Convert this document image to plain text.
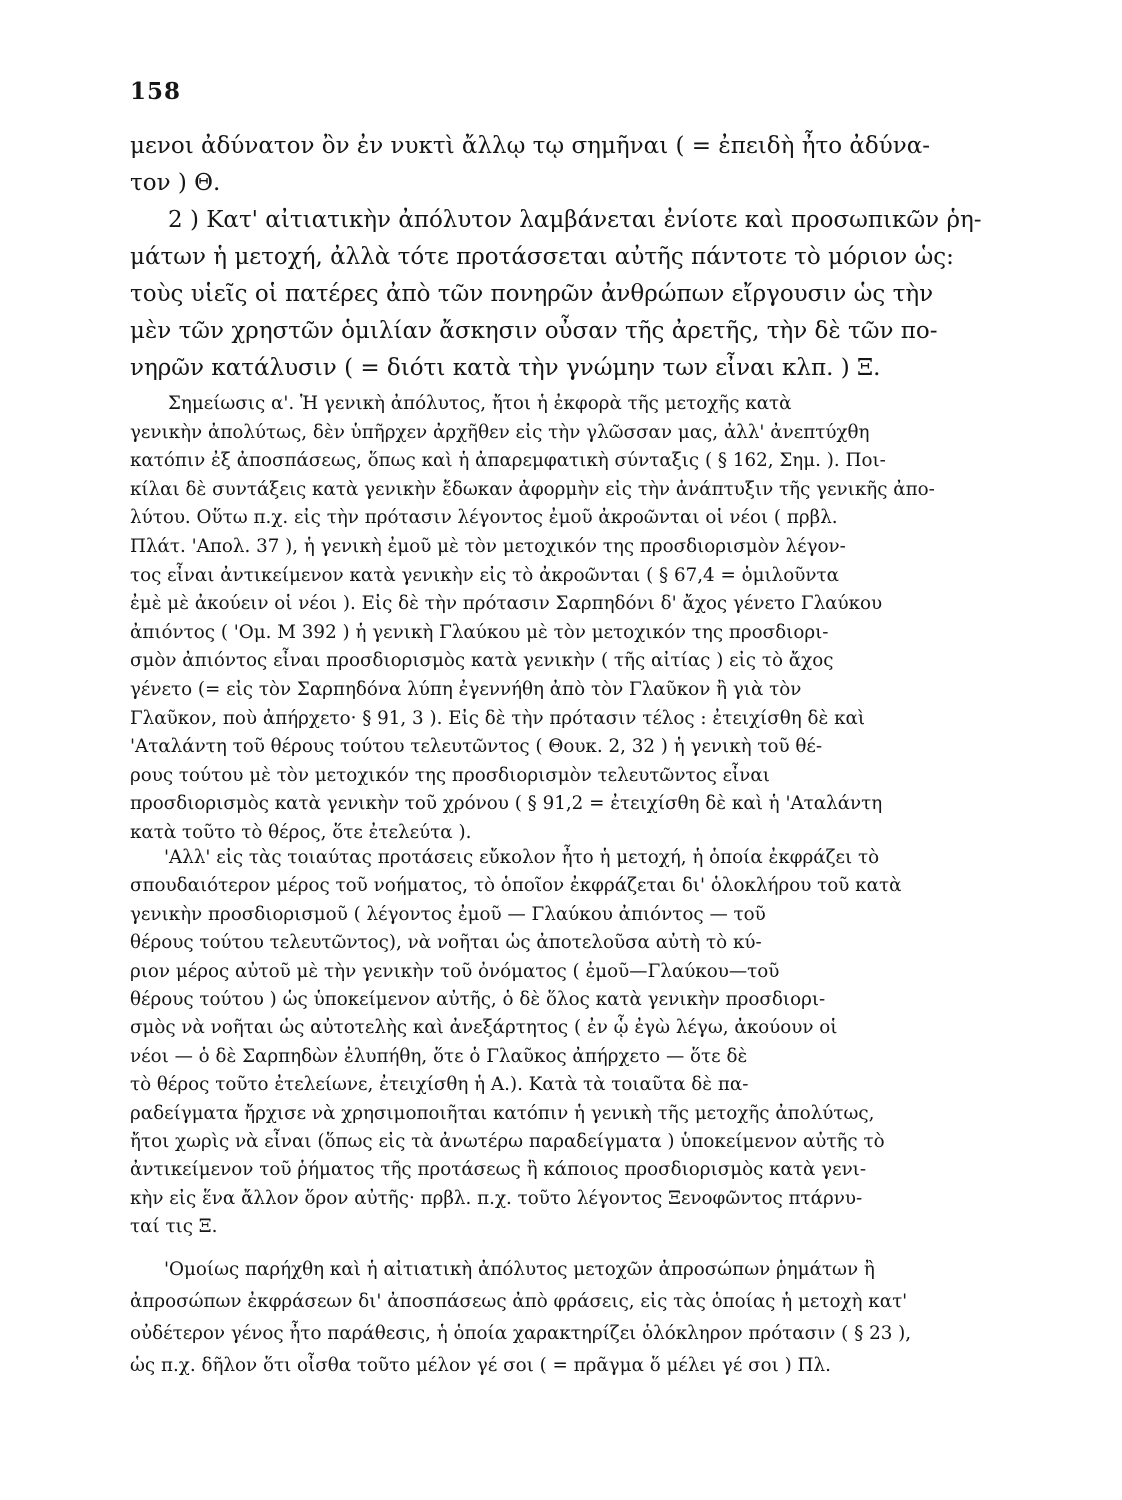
158
μενοι ἀδύνατον ὂν ἐν νυκτὶ ἄλλῳ τῳ σημῆναι ( = ἐπειδὴ ἦτο ἀδύνα-
τον ) Θ.
2 ) Κατ' αἰτιατικὴν ἀπόλυτον λαμβάνεται ἐνίοτε καὶ προσωπικῶν ῥη-
μάτων ἡ μετοχή, ἀλλὰ τότε προτάσσεται αὐτῆς πάντοτε τὸ μόριον ὡς:
τοὺς υἱεῖς οἱ πατέρες ἀπὸ τῶν πονηρῶν ἀνθρώπων εἴργουσιν ὡς τὴν
μὲν τῶν χρηστῶν ὁμιλίαν ἄσκησιν οὖσαν τῆς ἀρετῆς, τὴν δὲ τῶν πο-
νηρῶν κατάλυσιν ( = διότι κατὰ τὴν γνώμην των εἶναι κλπ. ) Ξ.
Σημείωσις α'. Ἡ γενικὴ ἀπόλυτος, ἤτοι ἡ ἐκφορὰ τῆς μετοχῆς κατὰ
γενικὴν ἀπολύτως, δὲν ὑπῆρχεν ἀρχῆθεν εἰς τὴν γλῶσσαν μας, ἀλλ' ἀνεπτύχθη
κατόπιν ἐξ ἀποσπάσεως, ὅπως καὶ ἡ ἀπαρεμφατικὴ σύνταξις ( § 162, Σημ. ). Ποι-
κίλαι δὲ συντάξεις κατὰ γενικὴν ἔδωκαν ἀφορμὴν εἰς τὴν ἀνάπτυξιν τῆς γενικῆς ἀπο-
λύτου. Οὕτω π.χ. εἰς τὴν πρότασιν λέγοντος ἐμοῦ ἀκροῶνται οἱ νέοι ( πρβλ.
Πλάτ. 'Απολ. 37 ), ἡ γενικὴ ἐμοῦ μὲ τὸν μετοχικόν της προσδιορισμὸν λέγον-
τος εἶναι ἀντικείμενον κατὰ γενικὴν εἰς τὸ ἀκροῶνται ( § 67,4 = ὁμιλοῦντα
ἐμὲ μὲ ἀκούειν οἱ νέοι ). Εἰς δὲ τὴν πρότασιν Σαρπηδόνι δ' ἄχος γένετο Γλαύκου
ἀπιόντος ( 'Ομ. Μ 392 ) ἡ γενικὴ Γλαύκου μὲ τὸν μετοχικόν της προσδιορι-
σμὸν ἀπιόντος εἶναι προσδιορισμὸς κατὰ γενικὴν ( τῆς αἰτίας ) εἰς τὸ ἄχος
γένετο (= εἰς τὸν Σαρπηδόνα λύπη ἐγεννήθη ἀπὸ τὸν Γλαῦκον ἢ γιὰ τὸν
Γλαῦκον, ποὺ ἀπήρχετο· § 91, 3 ). Εἰς δὲ τὴν πρότασιν τέλος : ἐτειχίσθη δὲ καὶ
'Αταλάντη τοῦ θέρους τούτου τελευτῶντος ( Θουκ. 2, 32 ) ἡ γενικὴ τοῦ θέ-
ρους τούτου μὲ τὸν μετοχικόν της προσδιορισμὸν τελευτῶντος εἶναι
προσδιορισμὸς κατὰ γενικὴν τοῦ χρόνου ( § 91,2 = ἐτειχίσθη δὲ καὶ ἡ 'Αταλάντη
κατὰ τοῦτο τὸ θέρος, ὅτε ἐτελεύτα ).
'Αλλ' εἰς τὰς τοιαύτας προτάσεις εὔκολον ἦτο ἡ μετοχή, ἡ ὁποία ἐκφράζει τὸ
σπουδαιότερον μέρος τοῦ νοήματος, τὸ ὁποῖον ἐκφράζεται δι' ὁλοκλήρου τοῦ κατὰ
γενικὴν προσδιορισμοῦ ( λέγοντος ἐμοῦ — Γλαύκου ἀπιόντος — τοῦ
θέρους τούτου τελευτῶντος), νὰ νοῆται ὡς ἀποτελοῦσα αὐτὴ τὸ κύ-
ριον μέρος αὐτοῦ μὲ τὴν γενικὴν τοῦ ὀνόματος ( ἐμοῦ—Γλαύκου—τοῦ
θέρους τούτου ) ὡς ὑποκείμενον αὐτῆς, ὁ δὲ ὅλος κατὰ γενικὴν προσδιορι-
σμὸς νὰ νοῆται ὡς αὐτοτελὴς καὶ ἀνεξάρτητος ( ἐν ᾧ ἐγὼ λέγω, ἀκούουν οἱ
νέοι — ὁ δὲ Σαρπηδὼν ἐλυπήθη, ὅτε ὁ Γλαῦκος ἀπήρχετο — ὅτε δὲ
τὸ θέρος τοῦτο ἐτελείωνε, ἐτειχίσθη ἡ Α.). Κατὰ τὰ τοιαῦτα δὲ πα-
ραδείγματα ἤρχισε νὰ χρησιμοποιῆται κατόπιν ἡ γενικὴ τῆς μετοχῆς ἀπολύτως,
ἤτοι χωρὶς νὰ εἶναι (ὅπως εἰς τὰ ἀνωτέρω παραδείγματα ) ὑποκείμενον αὐτῆς τὸ
ἀντικείμενον τοῦ ῥήματος τῆς προτάσεως ἢ κάποιος προσδιορισμὸς κατὰ γενι-
κὴν εἰς ἕνα ἄλλον ὅρον αὐτῆς· πρβλ. π.χ. τοῦτο λέγοντος Ξενοφῶντος πτάρνυ-
ταί τις Ξ.
'Ομοίως παρήχθη καὶ ἡ αἰτιατικὴ ἀπόλυτος μετοχῶν ἀπροσώπων ῥημάτων ἢ
ἀπροσώπων ἐκφράσεων δι' ἀποσπάσεως ἀπὸ φράσεις, εἰς τὰς ὁποίας ἡ μετοχὴ κατ'
οὐδέτερον γένος ἦτο παράθεσις, ἡ ὁποία χαρακτηρίζει ὁλόκληρον πρότασιν ( § 23 ),
ὡς π.χ. δῆλον ὅτι οἶσθα τοῦτο μέλον γέ σοι ( = πρᾶγμα ὅ μέλει γέ σοι ) Πλ.
